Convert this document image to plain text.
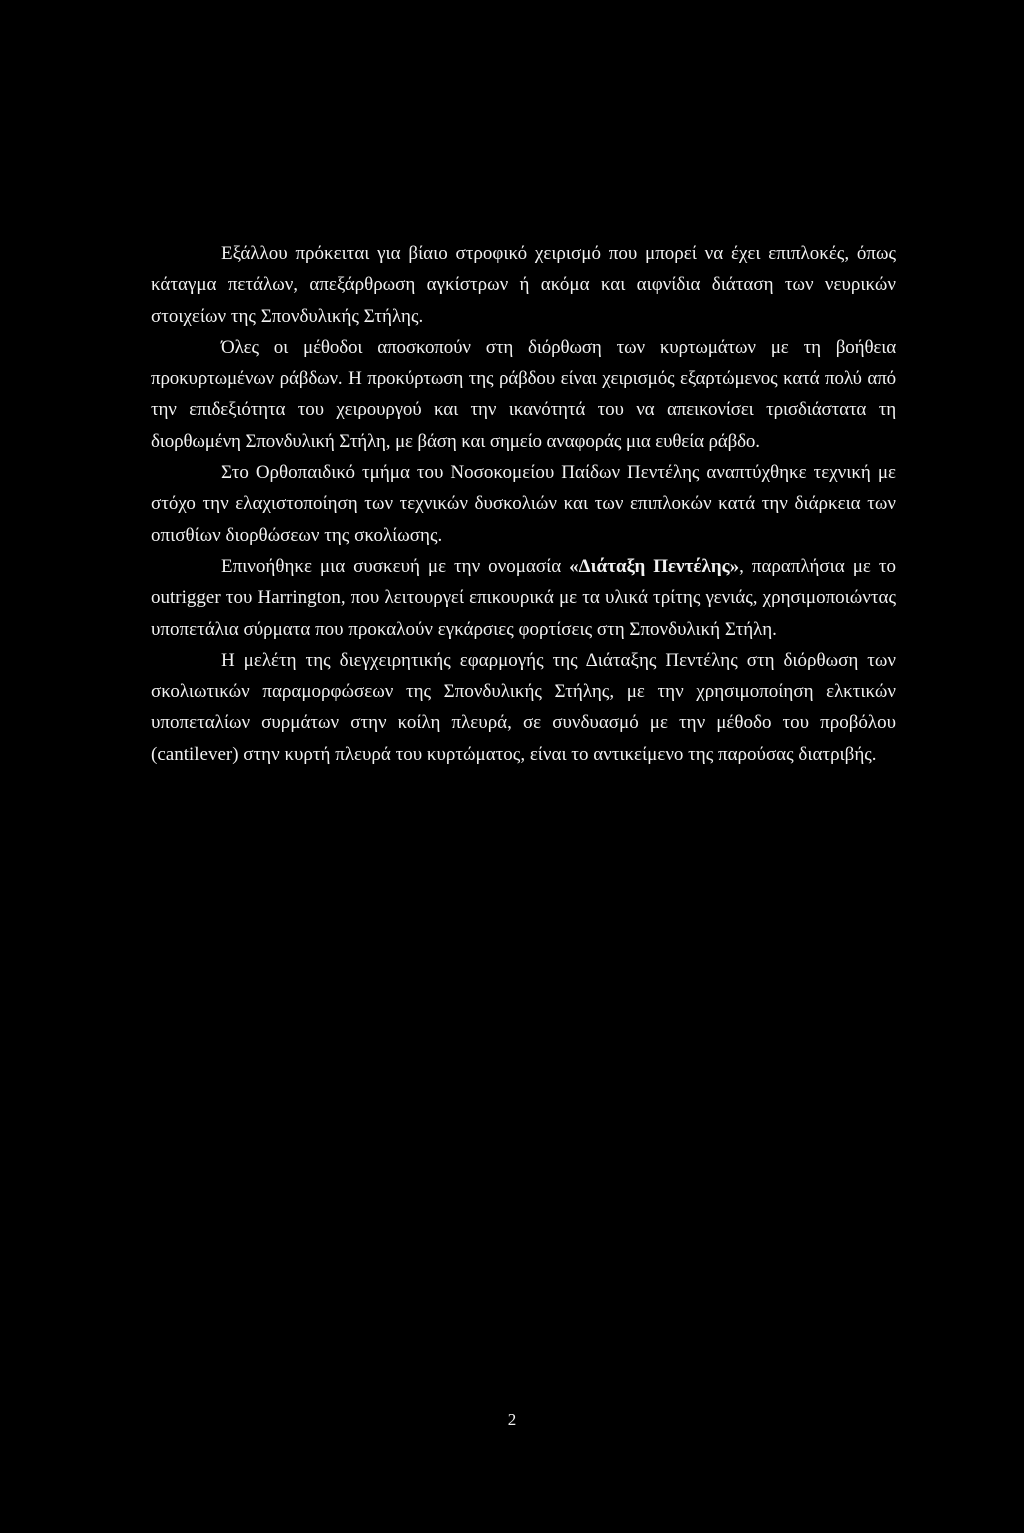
Εξάλλου πρόκειται για βίαιο στροφικό χειρισμό που μπορεί να έχει επιπλοκές, όπως κάταγμα πετάλων, απεξάρθρωση αγκίστρων ή ακόμα και αιφνίδια διάταση των νευρικών στοιχείων της Σπονδυλικής Στήλης.

Όλες οι μέθοδοι αποσκοπούν στη διόρθωση των κυρτωμάτων με τη βοήθεια προκυρτωμένων ράβδων. Η προκύρτωση της ράβδου είναι χειρισμός εξαρτώμενος κατά πολύ από την επιδεξιότητα του χειρουργού και την ικανότητά του να απεικονίσει τρισδιάστατα τη διορθωμένη Σπονδυλική Στήλη, με βάση και σημείο αναφοράς μια ευθεία ράβδο.

Στο Ορθοπαιδικό τμήμα του Νοσοκομείου Παίδων Πεντέλης αναπτύχθηκε τεχνική με στόχο την ελαχιστοποίηση των τεχνικών δυσκολιών και των επιπλοκών κατά την διάρκεια των οπισθίων διορθώσεων της σκολίωσης.

Επινοήθηκε μια συσκευή με την ονομασία «Διάταξη Πεντέλης», παραπλήσια με το outrigger του Harrington, που λειτουργεί επικουρικά με τα υλικά τρίτης γενιάς, χρησιμοποιώντας υποπετάλια σύρματα που προκαλούν εγκάρσιες φορτίσεις στη Σπονδυλική Στήλη.

Η μελέτη της διεγχειρητικής εφαρμογής της Διάταξης Πεντέλης στη διόρθωση των σκολιωτικών παραμορφώσεων της Σπονδυλικής Στήλης, με την χρησιμοποίηση ελκτικών υποπεταλίων συρμάτων στην κοίλη πλευρά, σε συνδυασμό με την μέθοδο του προβόλου (cantilever) στην κυρτή πλευρά του κυρτώματος, είναι το αντικείμενο της παρούσας διατριβής.

2
